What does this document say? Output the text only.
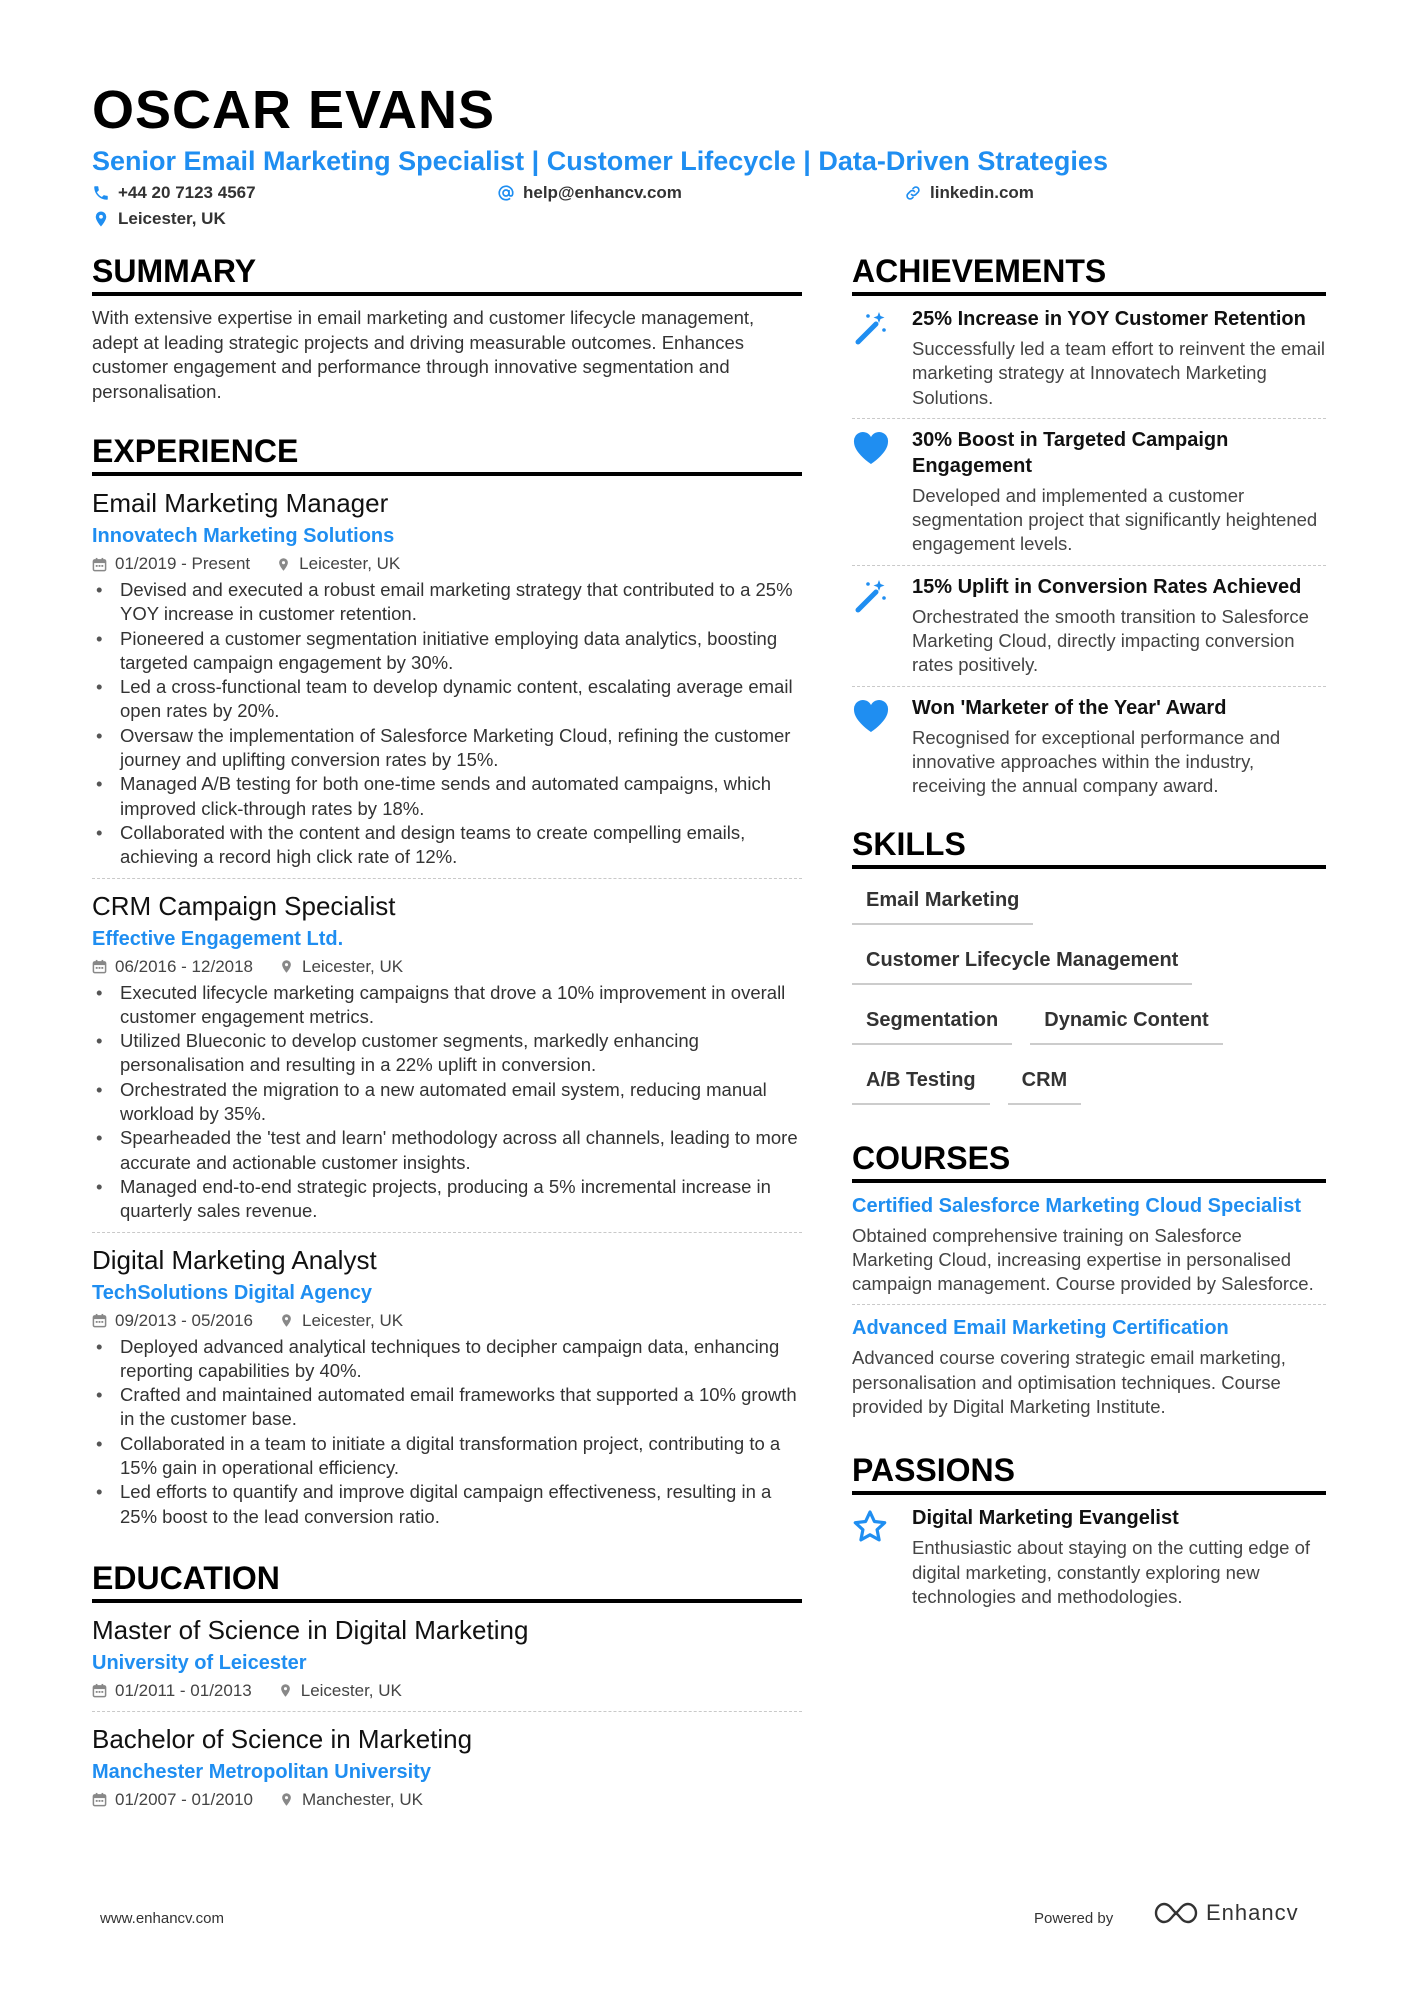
OSCAR EVANS
Senior Email Marketing Specialist | Customer Lifecycle | Data-Driven Strategies
+44 20 7123 4567	help@enhancv.com	linkedin.com
Leicester, UK
SUMMARY
With extensive expertise in email marketing and customer lifecycle management, adept at leading strategic projects and driving measurable outcomes. Enhances customer engagement and performance through innovative segmentation and personalisation.
EXPERIENCE
Email Marketing Manager
Innovatech Marketing Solutions
01/2019 - Present	Leicester, UK
• Devised and executed a robust email marketing strategy that contributed to a 25% YOY increase in customer retention.
• Pioneered a customer segmentation initiative employing data analytics, boosting targeted campaign engagement by 30%.
• Led a cross-functional team to develop dynamic content, escalating average email open rates by 20%.
• Oversaw the implementation of Salesforce Marketing Cloud, refining the customer journey and uplifting conversion rates by 15%.
• Managed A/B testing for both one-time sends and automated campaigns, which improved click-through rates by 18%.
• Collaborated with the content and design teams to create compelling emails, achieving a record high click rate of 12%.
CRM Campaign Specialist
Effective Engagement Ltd.
06/2016 - 12/2018	Leicester, UK
• Executed lifecycle marketing campaigns that drove a 10% improvement in overall customer engagement metrics.
• Utilized Blueconic to develop customer segments, markedly enhancing personalisation and resulting in a 22% uplift in conversion.
• Orchestrated the migration to a new automated email system, reducing manual workload by 35%.
• Spearheaded the 'test and learn' methodology across all channels, leading to more accurate and actionable customer insights.
• Managed end-to-end strategic projects, producing a 5% incremental increase in quarterly sales revenue.
Digital Marketing Analyst
TechSolutions Digital Agency
09/2013 - 05/2016	Leicester, UK
• Deployed advanced analytical techniques to decipher campaign data, enhancing reporting capabilities by 40%.
• Crafted and maintained automated email frameworks that supported a 10% growth in the customer base.
• Collaborated in a team to initiate a digital transformation project, contributing to a 15% gain in operational efficiency.
• Led efforts to quantify and improve digital campaign effectiveness, resulting in a 25% boost to the lead conversion ratio.
EDUCATION
Master of Science in Digital Marketing
University of Leicester
01/2011 - 01/2013	Leicester, UK
Bachelor of Science in Marketing
Manchester Metropolitan University
01/2007 - 01/2010	Manchester, UK
ACHIEVEMENTS
25% Increase in YOY Customer Retention
Successfully led a team effort to reinvent the email marketing strategy at Innovatech Marketing Solutions.
30% Boost in Targeted Campaign Engagement
Developed and implemented a customer segmentation project that significantly heightened engagement levels.
15% Uplift in Conversion Rates Achieved
Orchestrated the smooth transition to Salesforce Marketing Cloud, directly impacting conversion rates positively.
Won 'Marketer of the Year' Award
Recognised for exceptional performance and innovative approaches within the industry, receiving the annual company award.
SKILLS
Email Marketing
Customer Lifecycle Management
Segmentation	Dynamic Content
A/B Testing	CRM
COURSES
Certified Salesforce Marketing Cloud Specialist
Obtained comprehensive training on Salesforce Marketing Cloud, increasing expertise in personalised campaign management. Course provided by Salesforce.
Advanced Email Marketing Certification
Advanced course covering strategic email marketing, personalisation and optimisation techniques. Course provided by Digital Marketing Institute.
PASSIONS
Digital Marketing Evangelist
Enthusiastic about staying on the cutting edge of digital marketing, constantly exploring new technologies and methodologies.
www.enhancv.com	Powered by	Enhancv
